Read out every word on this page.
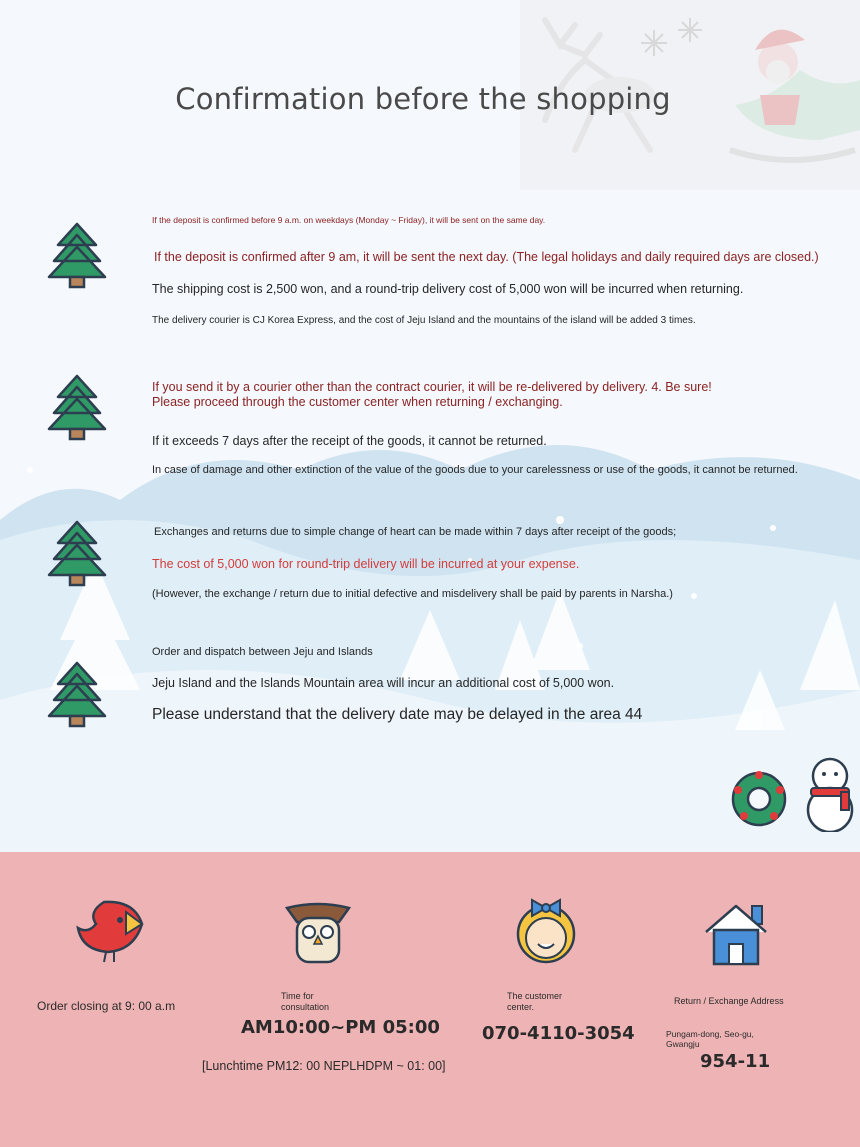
Confirmation before the shopping

If the deposit is confirmed before 9 a.m. on weekdays (Monday ~ Friday), it will be sent on the same day.

If the deposit is confirmed after 9 am, it will be sent the next day. (The legal holidays and daily required days are closed.)

The shipping cost is 2,500 won, and a round-trip delivery cost of 5,000 won will be incurred when returning.

The delivery courier is CJ Korea Express, and the cost of Jeju Island and the mountains of the island will be added 3 times.

If you send it by a courier other than the contract courier, it will be re-delivered by delivery. 4. Be sure! Please proceed through the customer center when returning / exchanging.

If it exceeds 7 days after the receipt of the goods, it cannot be returned.

In case of damage and other extinction of the value of the goods due to your carelessness or use of the goods, it cannot be returned.

Exchanges and returns due to simple change of heart can be made within 7 days after receipt of the goods;

The cost of 5,000 won for round-trip delivery will be incurred at your expense.

(However, the exchange / return due to initial defective and misdelivery shall be paid by parents in Narsha.)

Order and dispatch between Jeju and Islands

Jeju Island and the Islands Mountain area will incur an additional cost of 5,000 won.

Please understand that the delivery date may be delayed in the area 44

Order closing at 9: 00 a.m

Time for consultation

AM10:00~PM 05:00

[Lunchtime PM12: 00 NEPLHDPM ~ 01: 00]

The customer center.

070-4110-3054

Return / Exchange Address

Pungam-dong, Seo-gu, Gwangju

954-11
